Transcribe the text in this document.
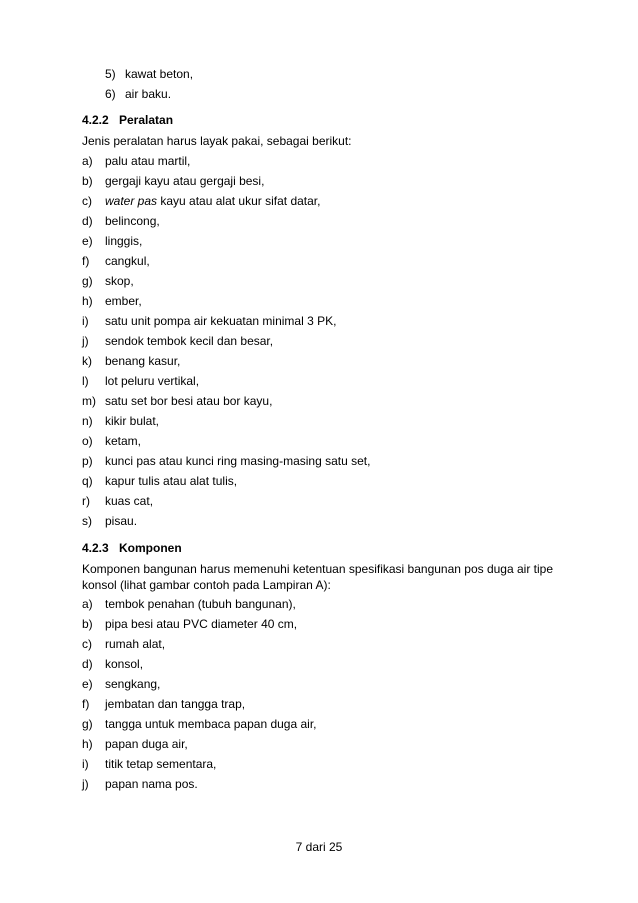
5) kawat beton,
6) air baku.
4.2.2 Peralatan
Jenis peralatan harus layak pakai, sebagai berikut:
a) palu atau martil,
b) gergaji kayu atau gergaji besi,
c) water pas kayu atau alat ukur sifat datar,
d) belincong,
e) linggis,
f) cangkul,
g) skop,
h) ember,
i) satu unit pompa air kekuatan minimal 3 PK,
j) sendok tembok kecil dan besar,
k) benang kasur,
l) lot peluru vertikal,
m) satu set bor besi atau bor kayu,
n) kikir bulat,
o) ketam,
p) kunci pas atau kunci ring masing-masing satu set,
q) kapur tulis atau alat tulis,
r) kuas cat,
s) pisau.
4.2.3 Komponen
Komponen bangunan harus memenuhi ketentuan spesifikasi bangunan pos duga air tipe
konsol (lihat gambar contoh pada Lampiran A):
a) tembok penahan (tubuh bangunan),
b) pipa besi atau PVC diameter 40 cm,
c) rumah alat,
d) konsol,
e) sengkang,
f) jembatan dan tangga trap,
g) tangga untuk membaca papan duga air,
h) papan duga air,
i) titik tetap sementara,
j) papan nama pos.
7 dari 25
